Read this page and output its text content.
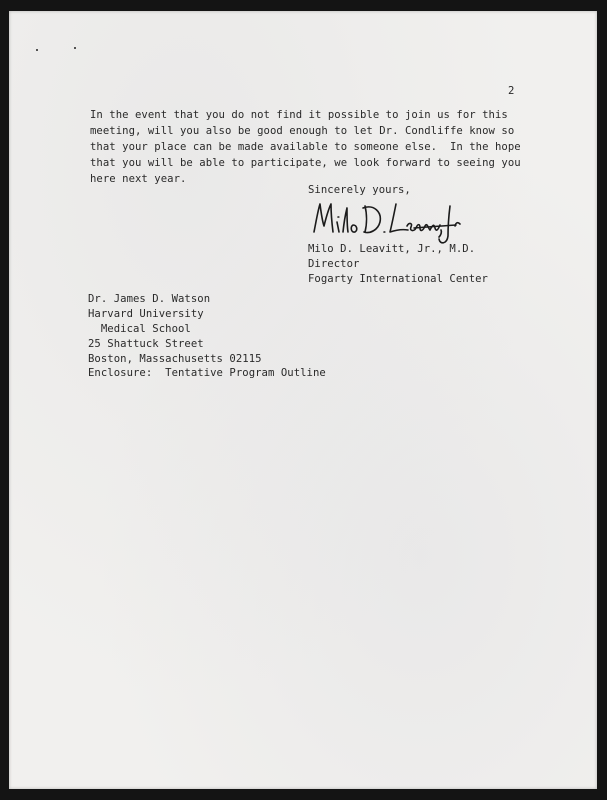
2
In the event that you do not find it possible to join us for this
meeting, will you also be good enough to let Dr. Condliffe know so
that your place can be made available to someone else.  In the hope
that you will be able to participate, we look forward to seeing you
here next year.
Sincerely yours,
Milo D. Leavitt, Jr., M.D.
Director
Fogarty International Center
Dr. James D. Watson
Harvard University
Medical School
25 Shattuck Street
Boston, Massachusetts 02115
Enclosure:  Tentative Program Outline
